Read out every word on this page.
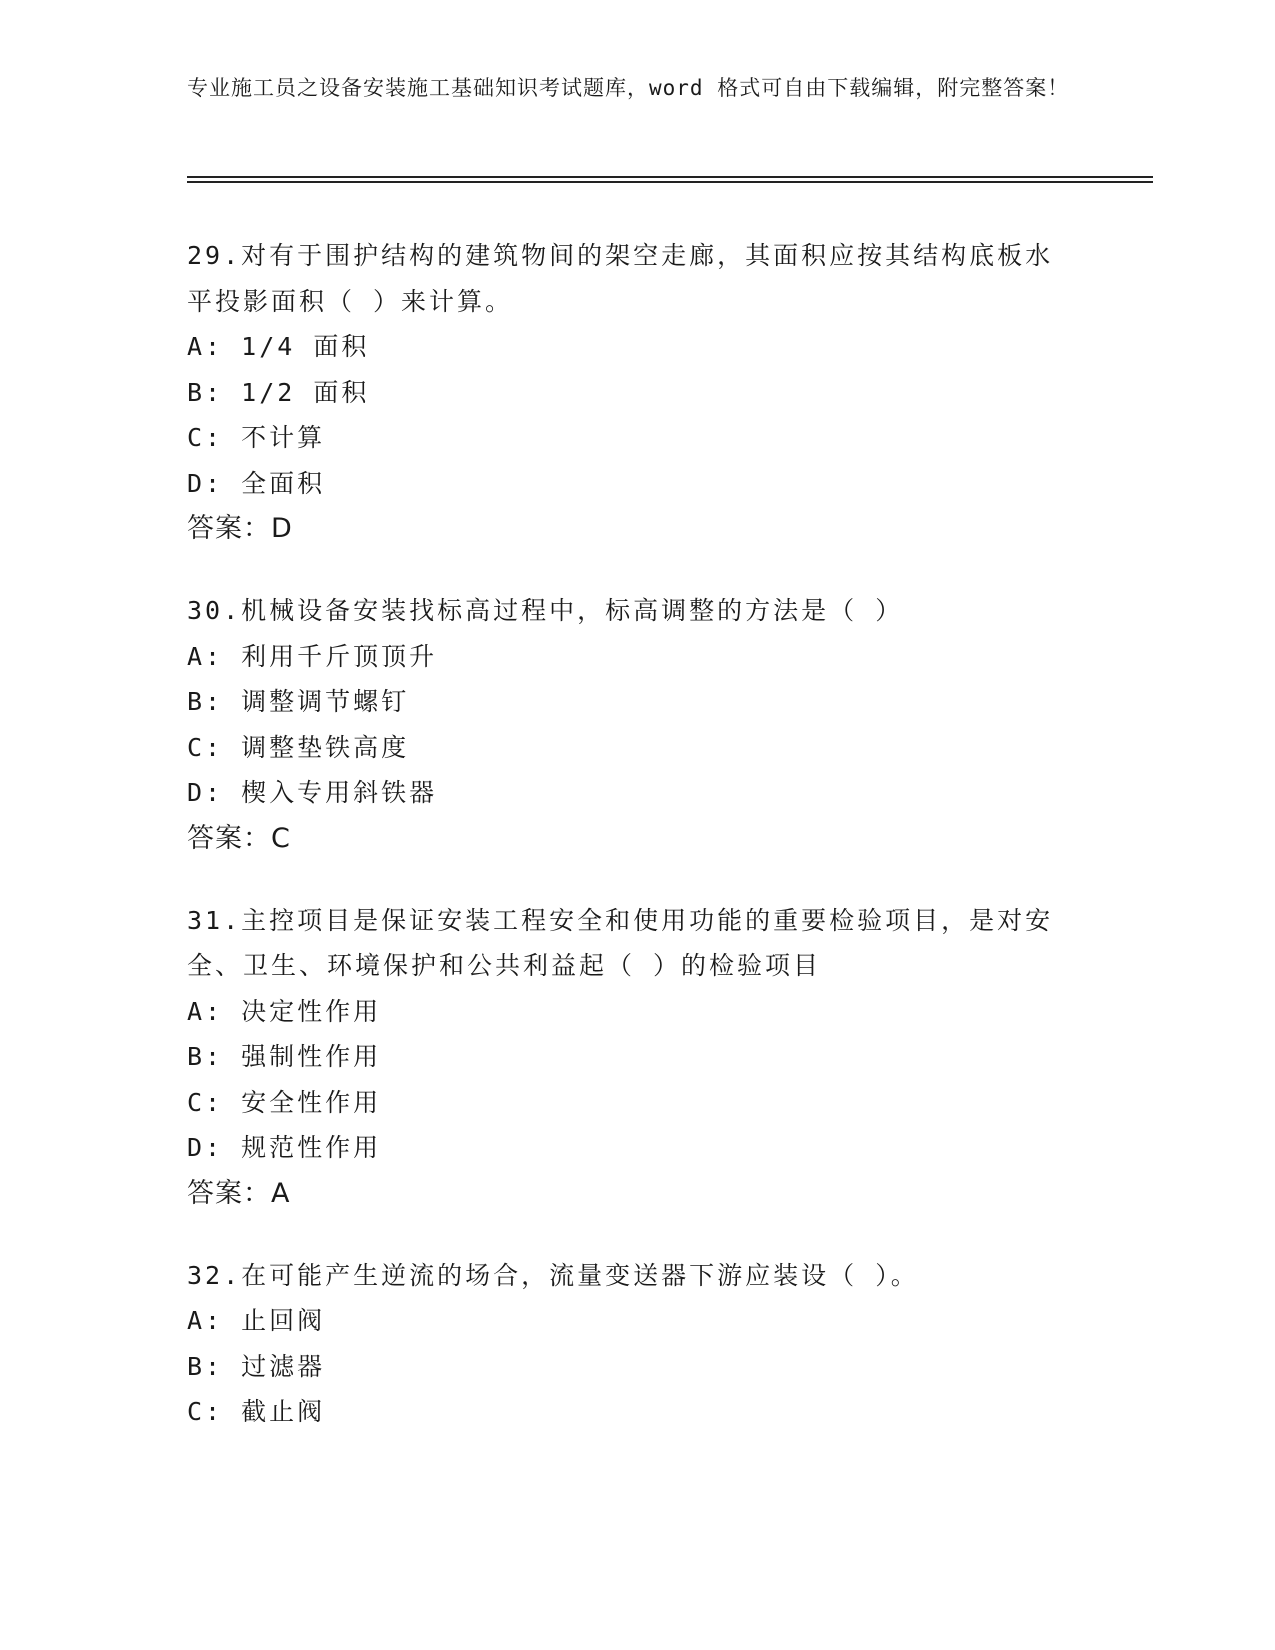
专业施工员之设备安装施工基础知识考试题库，word 格式可自由下载编辑，附完整答案！
29.对有于围护结构的建筑物间的架空走廊，其面积应按其结构底板水
平投影面积（ ）来计算。
A: 1/4 面积
B: 1/2 面积
C: 不计算
D: 全面积
答案：D
30.机械设备安装找标高过程中，标高调整的方法是（ ）
A: 利用千斤顶顶升
B: 调整调节螺钉
C: 调整垫铁高度
D: 楔入专用斜铁器
答案：C
31.主控项目是保证安装工程安全和使用功能的重要检验项目，是对安
全、卫生、环境保护和公共利益起（ ）的检验项目
A: 决定性作用
B: 强制性作用
C: 安全性作用
D: 规范性作用
答案：A
32.在可能产生逆流的场合，流量变送器下游应装设（ ）。
A: 止回阀
B: 过滤器
C: 截止阀
